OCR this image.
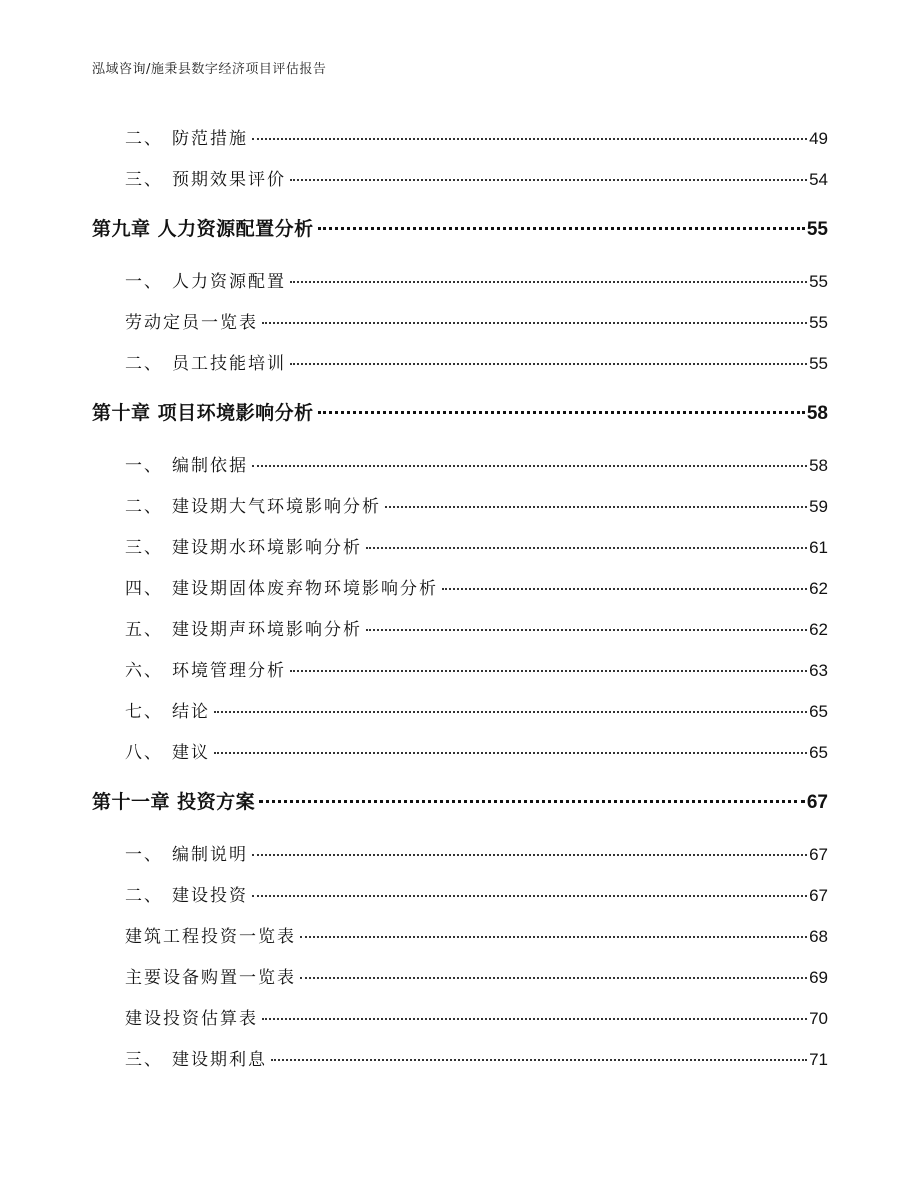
泓域咨询/施秉县数字经济项目评估报告
二、 防范措施	49
三、 预期效果评价	54
第九章 人力资源配置分析	55
一、 人力资源配置	55
劳动定员一览表	55
二、 员工技能培训	55
第十章 项目环境影响分析	58
一、 编制依据	58
二、 建设期大气环境影响分析	59
三、 建设期水环境影响分析	61
四、 建设期固体废弃物环境影响分析	62
五、 建设期声环境影响分析	62
六、 环境管理分析	63
七、 结论	65
八、 建议	65
第十一章 投资方案	67
一、 编制说明	67
二、 建设投资	67
建筑工程投资一览表	68
主要设备购置一览表	69
建设投资估算表	70
三、 建设期利息	71
